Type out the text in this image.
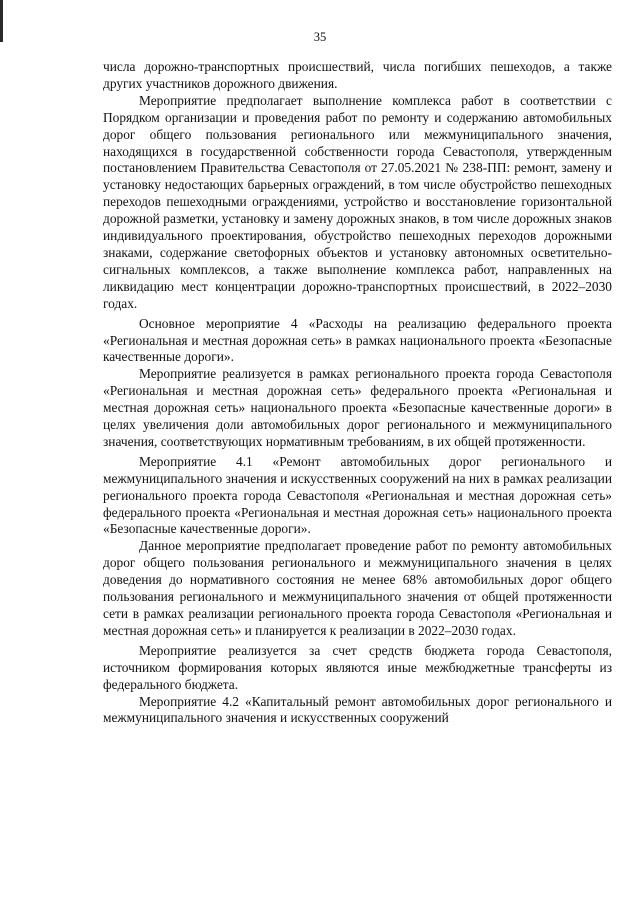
35

числа дорожно-транспортных происшествий, числа погибших пешеходов, а также других участников дорожного движения.

Мероприятие предполагает выполнение комплекса работ в соответствии с Порядком организации и проведения работ по ремонту и содержанию автомобильных дорог общего пользования регионального или межмуниципального значения, находящихся в государственной собственности города Севастополя, утвержденным постановлением Правительства Севастополя от 27.05.2021 № 238-ПП: ремонт, замену и установку недостающих барьерных ограждений, в том числе обустройство пешеходных переходов пешеходными ограждениями, устройство и восстановление горизонтальной дорожной разметки, установку и замену дорожных знаков, в том числе дорожных знаков индивидуального проектирования, обустройство пешеходных переходов дорожными знаками, содержание светофорных объектов и установку автономных осветительно-сигнальных комплексов, а также выполнение комплекса работ, направленных на ликвидацию мест концентрации дорожно-транспортных происшествий, в 2022–2030 годах.

Основное мероприятие 4 «Расходы на реализацию федерального проекта «Региональная и местная дорожная сеть» в рамках национального проекта «Безопасные качественные дороги».

Мероприятие реализуется в рамках регионального проекта города Севастополя «Региональная и местная дорожная сеть» федерального проекта «Региональная и местная дорожная сеть» национального проекта «Безопасные качественные дороги» в целях увеличения доли автомобильных дорог регионального и межмуниципального значения, соответствующих нормативным требованиям, в их общей протяженности.

Мероприятие 4.1 «Ремонт автомобильных дорог регионального и межмуниципального значения и искусственных сооружений на них в рамках реализации регионального проекта города Севастополя «Региональная и местная дорожная сеть» федерального проекта «Региональная и местная дорожная сеть» национального проекта «Безопасные качественные дороги».

Данное мероприятие предполагает проведение работ по ремонту автомобильных дорог общего пользования регионального и межмуниципального значения в целях доведения до нормативного состояния не менее 68% автомобильных дорог общего пользования регионального и межмуниципального значения от общей протяженности сети в рамках реализации регионального проекта города Севастополя «Региональная и местная дорожная сеть» и планируется к реализации в 2022–2030 годах.

Мероприятие реализуется за счет средств бюджета города Севастополя, источником формирования которых являются иные межбюджетные трансферты из федерального бюджета.

Мероприятие 4.2 «Капитальный ремонт автомобильных дорог регионального и межмуниципального значения и искусственных сооружений
